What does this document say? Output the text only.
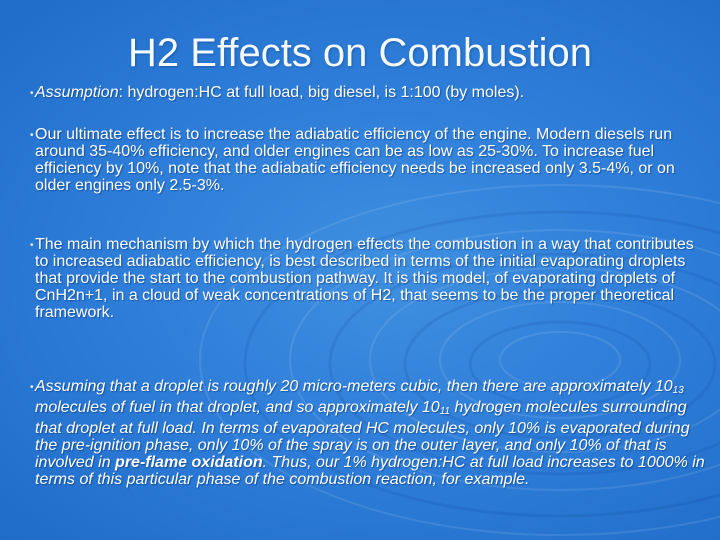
H2 Effects on Combustion
• Assumption: hydrogen:HC at full load, big diesel, is 1:100 (by moles).
• Our ultimate effect is to increase the adiabatic efficiency of the engine. Modern diesels run around 35-40% efficiency, and older engines can be as low as 25-30%. To increase fuel efficiency by 10%, note that the adiabatic efficiency needs be increased only 3.5-4%, or on older engines only 2.5-3%.
• The main mechanism by which the hydrogen effects the combustion in a way that contributes to increased adiabatic efficiency, is best described in terms of the initial evaporating droplets that provide the start to the combustion pathway. It is this model, of evaporating droplets of CnH2n+1, in a cloud of weak concentrations of H2, that seems to be the proper theoretical framework.
• Assuming that a droplet is roughly 20 micro-meters cubic, then there are approximately $10_{13}$ molecules of fuel in that droplet, and so approximately $10_{11}$ hydrogen molecules surrounding that droplet at full load. In terms of evaporated HC molecules, only 10% is evaporated during the pre-ignition phase, only 10% of the spray is on the outer layer, and only 10% of that is involved in pre-flame oxidation. Thus, our 1% hydrogen:HC at full load increases to 1000% in terms of this particular phase of the combustion reaction, for example.
